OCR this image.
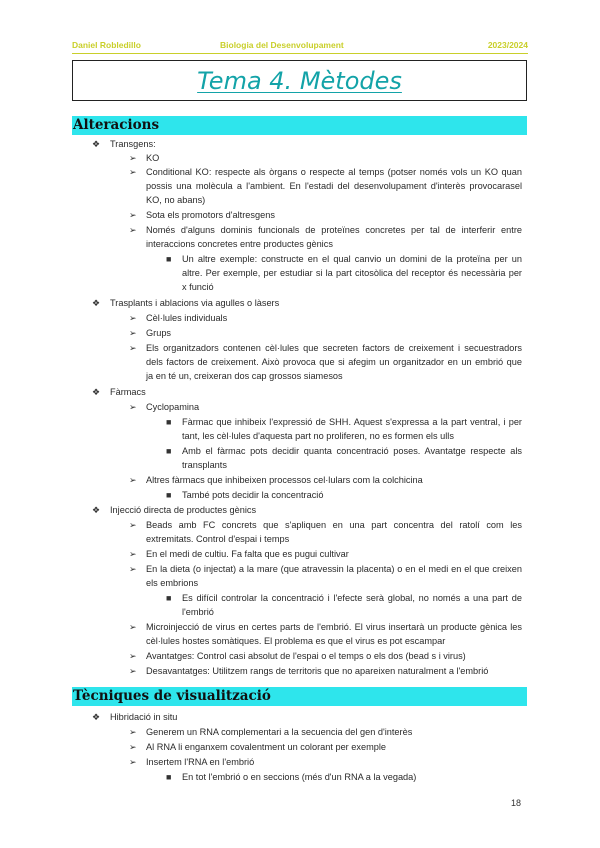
Daniel Robledillo	Biologia del Desenvolupament	2023/2024
Tema 4. Mètodes
Alteracions
❖ Transgens:
➢ KO
➢ Conditional KO: respecte als òrgans o respecte al temps (potser només vols un KO quan
possis una molècula a l'ambient. En l'estadi del desenvolupament d'interès provocarasel
KO, no abans)
➢ Sota els promotors d'altresgens
➢ Només d'alguns dominis funcionals de proteïnes concretes per tal de interferir entre
interaccions concretes entre productes gènics
■ Un altre exemple: constructe en el qual canvio un domini de la proteïna per un
altre. Per exemple, per estudiar si la part citosòlica del receptor és necessària per
x funció
❖ Trasplants i ablacions via agulles o làsers
➢ Cèl·lules individuals
➢ Grups
➢ Els organitzadors contenen cèl·lules que secreten factors de creixement i secuestradors
dels factors de creixement. Això provoca que si afegim un organitzador en un embrió que
ja en té un, creixeran dos cap grossos siamesos
❖ Fàrmacs
➢ Cyclopamina
■ Fàrmac que inhibeix l'expressió de SHH. Aquest s'expressa a la part ventral, i per
tant, les cèl·lules d'aquesta part no proliferen, no es formen els ulls
■ Amb el fàrmac pots decidir quanta concentració poses. Avantatge respecte als
transplants
➢ Altres fàrmacs que inhibeixen processos cel·lulars com la colchicina
■ També pots decidir la concentració
❖ Injecció directa de productes gènics
➢ Beads amb FC concrets que s'apliquen en una part concentra del ratolí com les
extremitats. Control d'espai i temps
➢ En el medi de cultiu. Fa falta que es pugui cultivar
➢ En la dieta (o injectat) a la mare (que atravessin la placenta) o en el medi en el que creixen
els embrions
■ Es difícil controlar la concentració i l'efecte serà global, no només a una part de
l'embrió
➢ Microinjecció de virus en certes parts de l'embrió. El virus insertarà un producte gènica les
cèl·lules hostes somàtiques. El problema es que el virus es pot escampar
➢ Avantatges: Control casi absolut de l'espai o el temps o els dos (bead s i virus)
➢ Desavantatges: Utilitzem rangs de territoris que no apareixen naturalment a l'embrió
Tècniques de visualització
❖ Hibridació in situ
➢ Generem un RNA complementari a la secuencia del gen d'interès
➢ Al RNA li enganxem covalentment un colorant per exemple
➢ Insertem l'RNA en l'embrió
■ En tot l'embrió o en seccions (més d'un RNA a la vegada)
18
